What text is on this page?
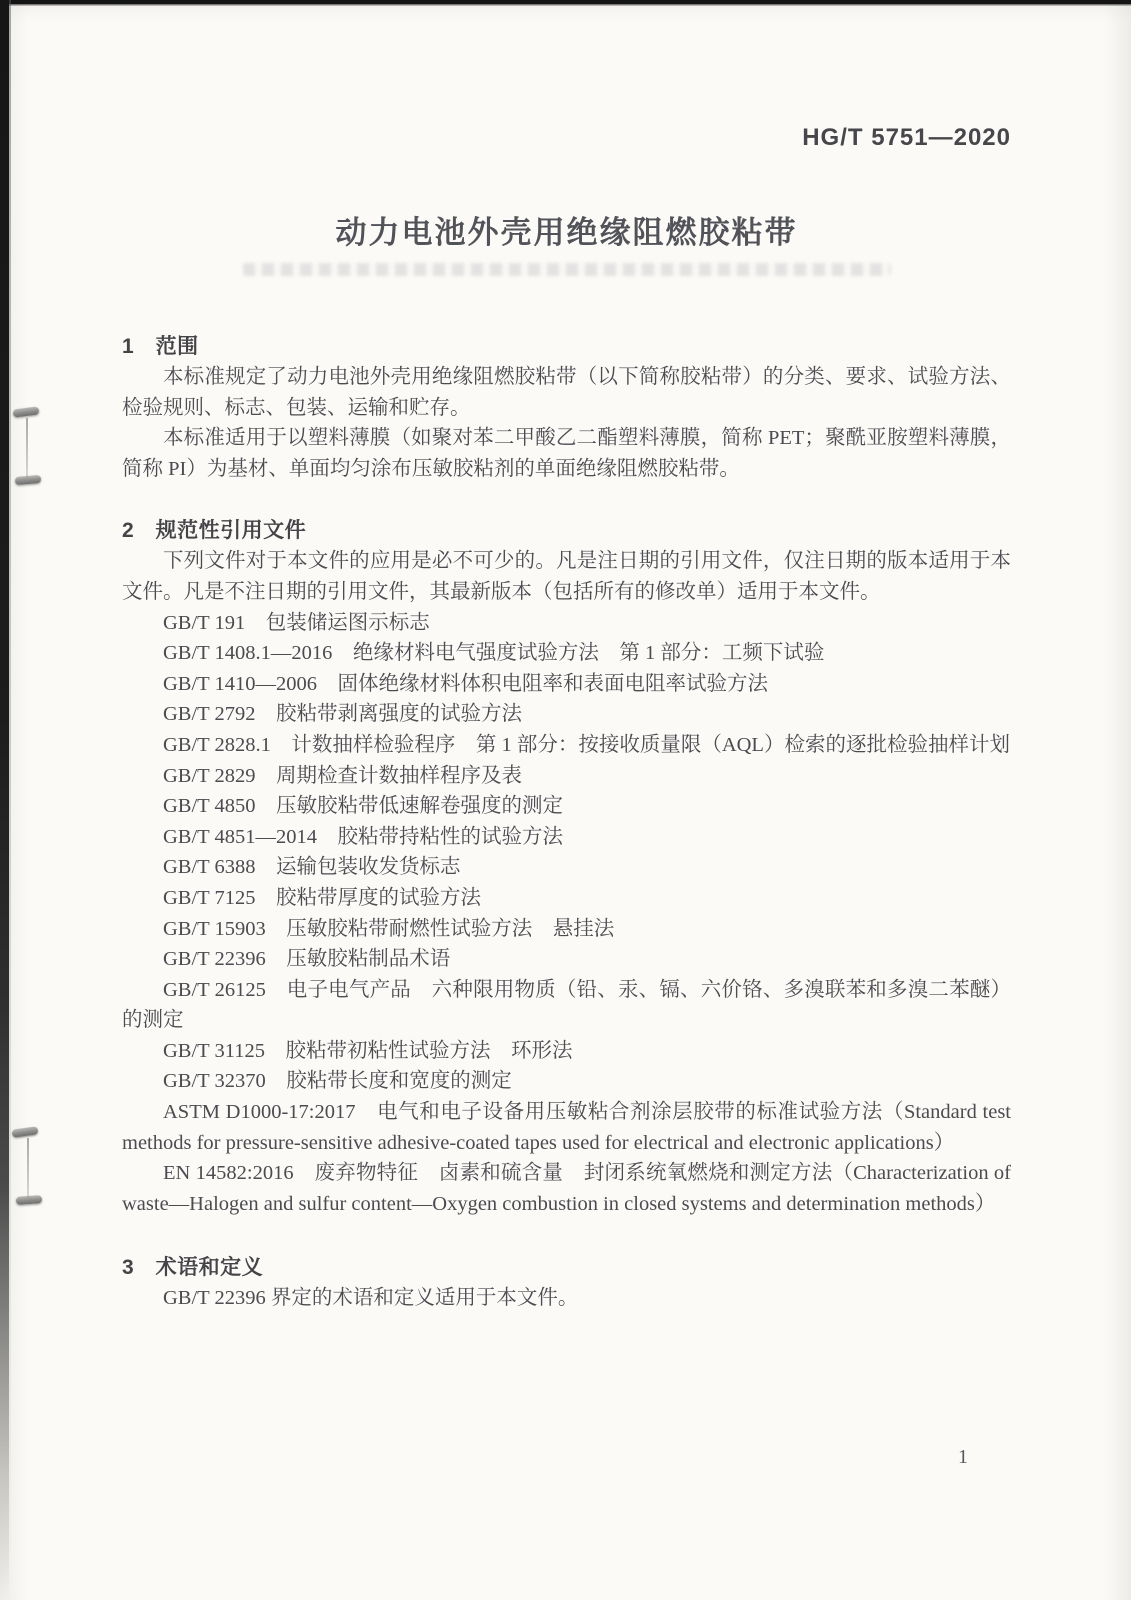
HG/T 5751—2020
动力电池外壳用绝缘阻燃胶粘带
1　范围

本标准规定了动力电池外壳用绝缘阻燃胶粘带（以下简称胶粘带）的分类、要求、试验方法、检验规则、标志、包装、运输和贮存。

本标准适用于以塑料薄膜（如聚对苯二甲酸乙二酯塑料薄膜，简称 PET；聚酰亚胺塑料薄膜，简称 PI）为基材、单面均匀涂布压敏胶粘剂的单面绝缘阻燃胶粘带。

2　规范性引用文件

下列文件对于本文件的应用是必不可少的。凡是注日期的引用文件，仅注日期的版本适用于本文件。凡是不注日期的引用文件，其最新版本（包括所有的修改单）适用于本文件。

GB/T 191　包装储运图示标志

GB/T 1408.1—2016　绝缘材料电气强度试验方法　第 1 部分：工频下试验

GB/T 1410—2006　固体绝缘材料体积电阻率和表面电阻率试验方法

GB/T 2792　胶粘带剥离强度的试验方法

GB/T 2828.1　计数抽样检验程序　第 1 部分：按接收质量限（AQL）检索的逐批检验抽样计划

GB/T 2829　周期检查计数抽样程序及表

GB/T 4850　压敏胶粘带低速解卷强度的测定

GB/T 4851—2014　胶粘带持粘性的试验方法

GB/T 6388　运输包装收发货标志

GB/T 7125　胶粘带厚度的试验方法

GB/T 15903　压敏胶粘带耐燃性试验方法　悬挂法

GB/T 22396　压敏胶粘制品术语

GB/T 26125　电子电气产品　六种限用物质（铅、汞、镉、六价铬、多溴联苯和多溴二苯醚）的测定

GB/T 31125　胶粘带初粘性试验方法　环形法

GB/T 32370　胶粘带长度和宽度的测定

ASTM D1000-17:2017　电气和电子设备用压敏粘合剂涂层胶带的标准试验方法（Standard test methods for pressure-sensitive adhesive-coated tapes used for electrical and electronic applications）

EN 14582:2016　废弃物特征　卤素和硫含量　封闭系统氧燃烧和测定方法（Characterization of waste—Halogen and sulfur content—Oxygen combustion in closed systems and determination methods）

3　术语和定义

GB/T 22396 界定的术语和定义适用于本文件。

1
